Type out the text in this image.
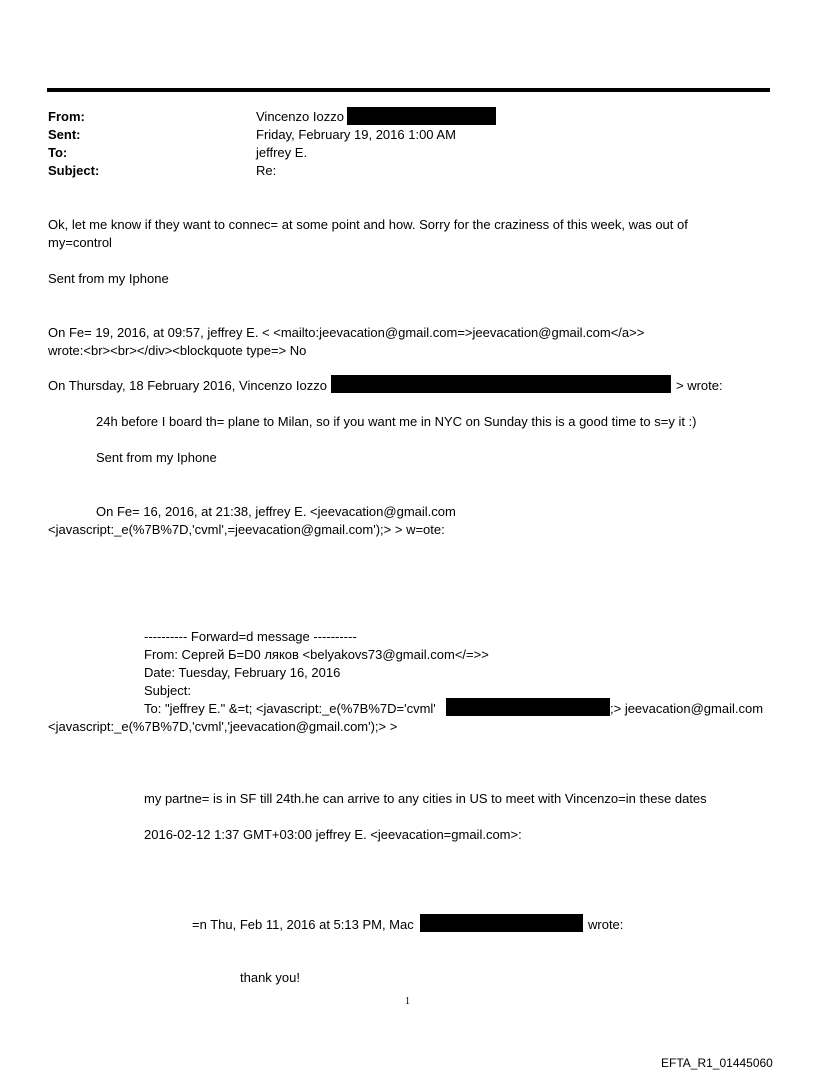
From:	Vincenzo Iozzo
Sent:	Friday, February 19, 2016 1:00 AM
To:	jeffrey E.
Subject:	Re:
Ok, let me know if they want to connec= at some point and how. Sorry for the craziness of this week, was out of
my=control
Sent from my Iphone
On Fe= 19, 2016, at 09:57, jeffrey E. < <mailto:jeevacation@gmail.com=>jeevacation@gmail.com</a>>
wrote:<br><br></div><blockquote type=> No
On Thursday, 18 February 2016, Vincenzo Iozzo	> wrote:
24h before I board th= plane to Milan, so if you want me in NYC on Sunday this is a good time to s=y it :)
Sent from my Iphone
On Fe= 16, 2016, at 21:38, jeffrey E. <jeevacation@gmail.com
<javascript:_e(%7B%7D,'cvml',=jeevacation@gmail.com');> > w=ote:
---------- Forward=d message ----------
From: Сергей Б=D0 ляков <belyakovs73@gmail.com</=>>
Date: Tuesday, February 16, 2016
Subject:
To: "jeffrey E." &=t; <javascript:_e(%7B%7D='cvml'	;> jeevacation@gmail.com
<javascript:_e(%7B%7D,'cvml','jeevacation@gmail.com');> >
my partne= is in SF till 24th.he can arrive to any cities in US to meet with Vincenzo=in these dates
2016-02-12 1:37 GMT+03:00 jeffrey E. <jeevacation=gmail.com>:
=n Thu, Feb 11, 2016 at 5:13 PM, Mac	wrote:
thank you!
1
EFTA_R1_01445060
